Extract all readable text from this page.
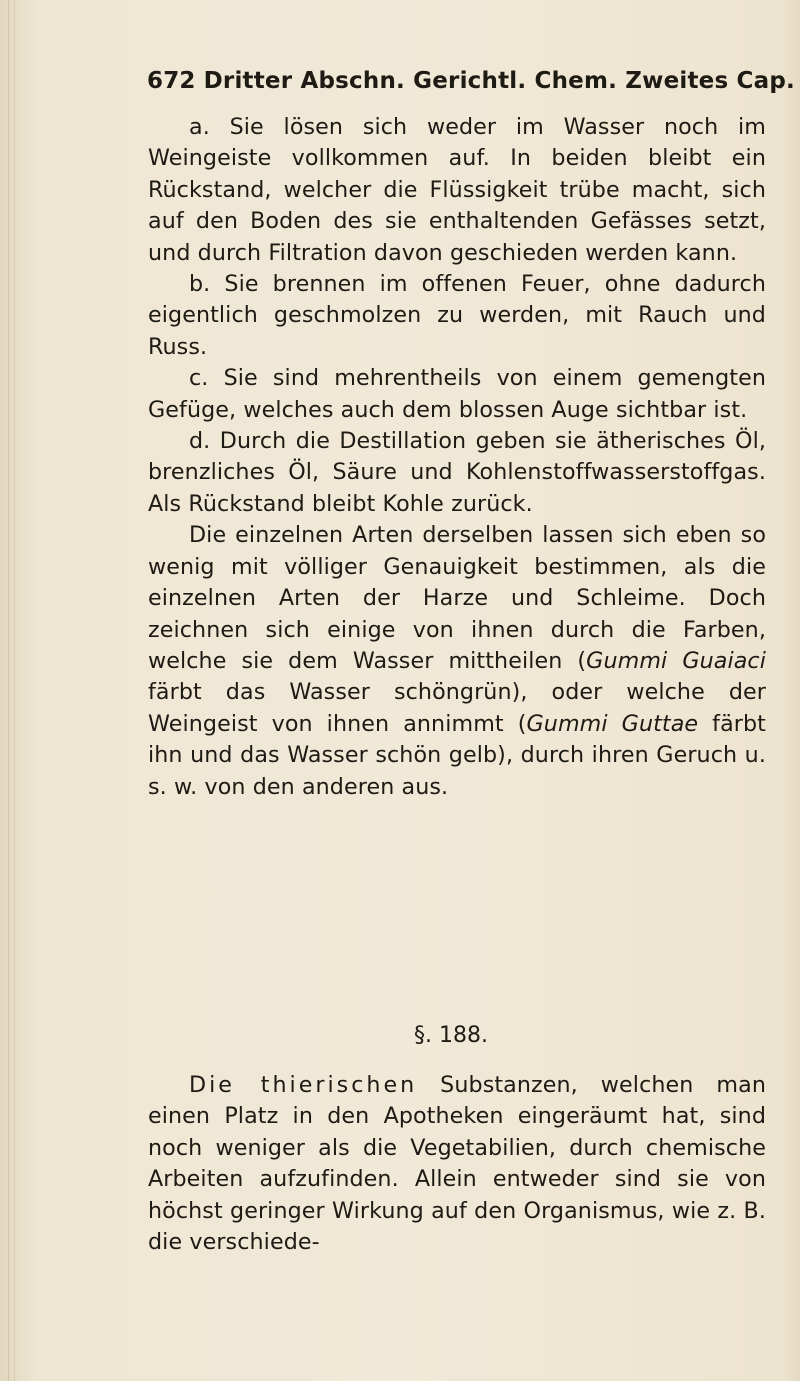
672 Dritter Abschn. Gerichtl. Chem. Zweites Cap.

a. Sie lösen sich weder im Wasser noch im Weingeiste vollkommen auf. In beiden bleibt ein Rückstand, welcher die Flüssigkeit trübe macht, sich auf den Boden des sie enthaltenden Gefässes setzt, und durch Filtration davon geschieden werden kann.

b. Sie brennen im offenen Feuer, ohne dadurch eigentlich geschmolzen zu werden, mit Rauch und Russ.

c. Sie sind mehrentheils von einem gemengten Gefüge, welches auch dem blossen Auge sichtbar ist.

d. Durch die Destillation geben sie ätherisches Öl, brenzliches Öl, Säure und Kohlenstoffwasserstoffgas. Als Rückstand bleibt Kohle zurück.

Die einzelnen Arten derselben lassen sich eben so wenig mit völliger Genauigkeit bestimmen, als die einzelnen Arten der Harze und Schleime. Doch zeichnen sich einige von ihnen durch die Farben, welche sie dem Wasser mittheilen (Gummi Guaiaci färbt das Wasser schöngrün), oder welche der Weingeist von ihnen annimmt (Gummi Guttae färbt ihn und das Wasser schön gelb), durch ihren Geruch u. s. w. von den anderen aus.

§. 188.

Die thierischen Substanzen, welchen man einen Platz in den Apotheken eingeräumt hat, sind noch weniger als die Vegetabilien, durch chemische Arbeiten aufzufinden. Allein entweder sind sie von höchst geringer Wirkung auf den Organismus, wie z. B. die verschiede-
